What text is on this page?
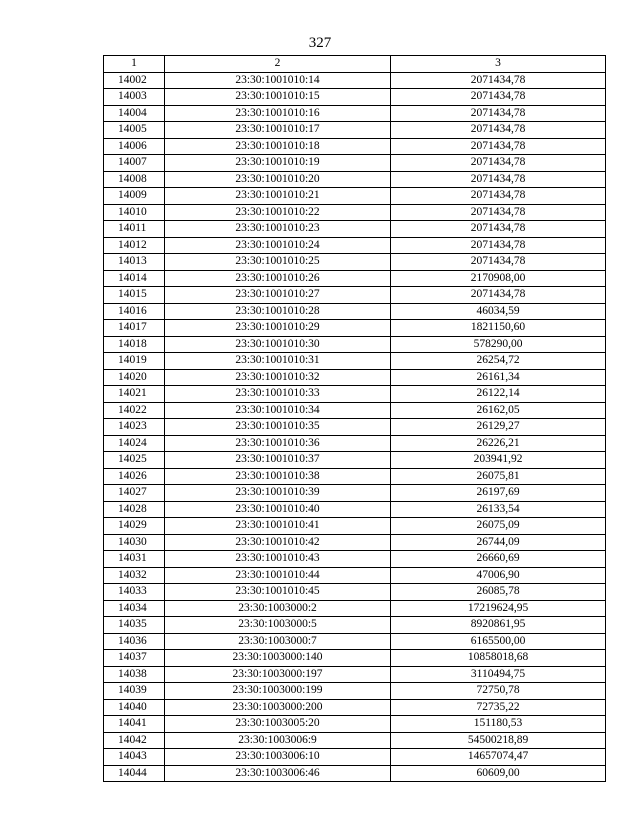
327
1	2	3
14002	23:30:1001010:14	2071434,78
14003	23:30:1001010:15	2071434,78
14004	23:30:1001010:16	2071434,78
14005	23:30:1001010:17	2071434,78
14006	23:30:1001010:18	2071434,78
14007	23:30:1001010:19	2071434,78
14008	23:30:1001010:20	2071434,78
14009	23:30:1001010:21	2071434,78
14010	23:30:1001010:22	2071434,78
14011	23:30:1001010:23	2071434,78
14012	23:30:1001010:24	2071434,78
14013	23:30:1001010:25	2071434,78
14014	23:30:1001010:26	2170908,00
14015	23:30:1001010:27	2071434,78
14016	23:30:1001010:28	46034,59
14017	23:30:1001010:29	1821150,60
14018	23:30:1001010:30	578290,00
14019	23:30:1001010:31	26254,72
14020	23:30:1001010:32	26161,34
14021	23:30:1001010:33	26122,14
14022	23:30:1001010:34	26162,05
14023	23:30:1001010:35	26129,27
14024	23:30:1001010:36	26226,21
14025	23:30:1001010:37	203941,92
14026	23:30:1001010:38	26075,81
14027	23:30:1001010:39	26197,69
14028	23:30:1001010:40	26133,54
14029	23:30:1001010:41	26075,09
14030	23:30:1001010:42	26744,09
14031	23:30:1001010:43	26660,69
14032	23:30:1001010:44	47006,90
14033	23:30:1001010:45	26085,78
14034	23:30:1003000:2	17219624,95
14035	23:30:1003000:5	8920861,95
14036	23:30:1003000:7	6165500,00
14037	23:30:1003000:140	10858018,68
14038	23:30:1003000:197	3110494,75
14039	23:30:1003000:199	72750,78
14040	23:30:1003000:200	72735,22
14041	23:30:1003005:20	151180,53
14042	23:30:1003006:9	54500218,89
14043	23:30:1003006:10	14657074,47
14044	23:30:1003006:46	60609,00
